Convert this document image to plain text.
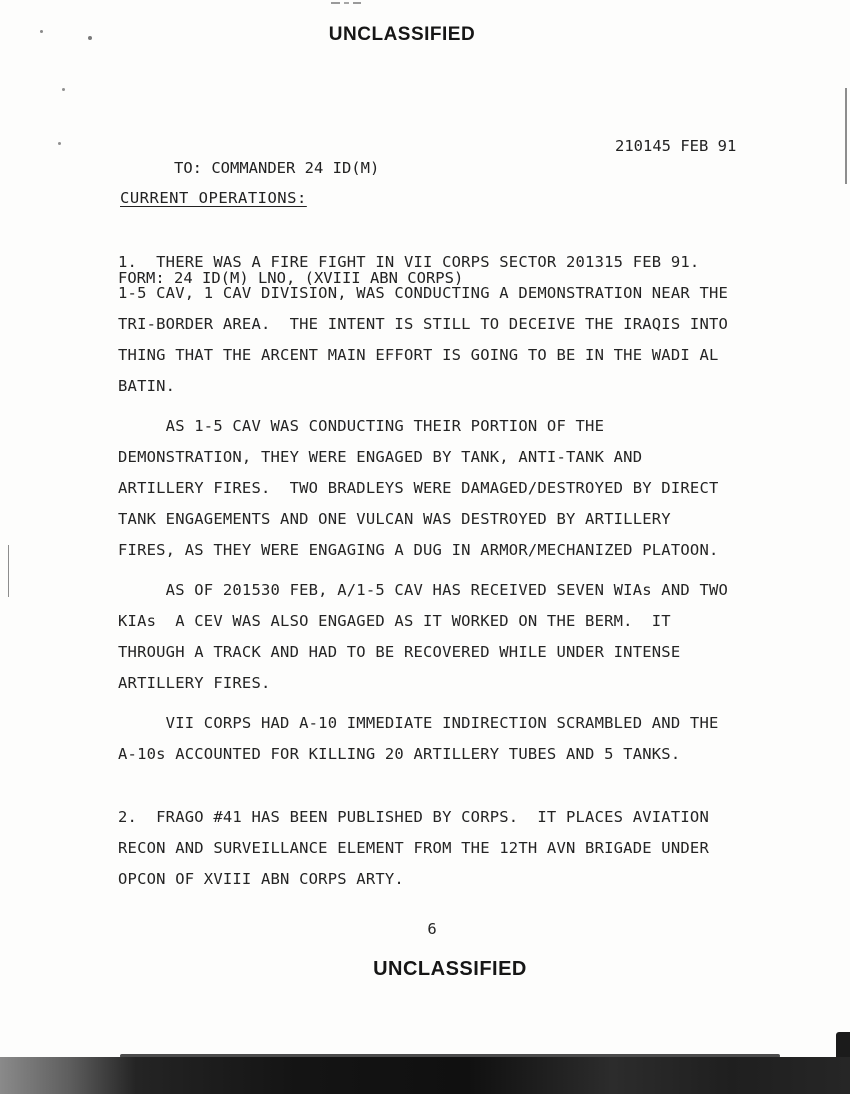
UNCLASSIFIED

TO: COMMANDER 24 ID(M)

210145 FEB 91

FORM: 24 ID(M) LNO, (XVIII ABN CORPS)

CURRENT OPERATIONS:
1.  THERE WAS A FIRE FIGHT IN VII CORPS SECTOR 201315 FEB 91.
1-5 CAV, 1 CAV DIVISION, WAS CONDUCTING A DEMONSTRATION NEAR THE
TRI-BORDER AREA.  THE INTENT IS STILL TO DECEIVE THE IRAQIS INTO
THING THAT THE ARCENT MAIN EFFORT IS GOING TO BE IN THE WADI AL
BATIN.
AS 1-5 CAV WAS CONDUCTING THEIR PORTION OF THE
DEMONSTRATION, THEY WERE ENGAGED BY TANK, ANTI-TANK AND
ARTILLERY FIRES.  TWO BRADLEYS WERE DAMAGED/DESTROYED BY DIRECT
TANK ENGAGEMENTS AND ONE VULCAN WAS DESTROYED BY ARTILLERY
FIRES, AS THEY WERE ENGAGING A DUG IN ARMOR/MECHANIZED PLATOON.
AS OF 201530 FEB, A/1-5 CAV HAS RECEIVED SEVEN WIAs AND TWO
KIAs  A CEV WAS ALSO ENGAGED AS IT WORKED ON THE BERM.  IT
THROUGH A TRACK AND HAD TO BE RECOVERED WHILE UNDER INTENSE
ARTILLERY FIRES.
VII CORPS HAD A-10 IMMEDIATE INDIRECTION SCRAMBLED AND THE
A-10s ACCOUNTED FOR KILLING 20 ARTILLERY TUBES AND 5 TANKS.
2.  FRAGO #41 HAS BEEN PUBLISHED BY CORPS.  IT PLACES AVIATION
RECON AND SURVEILLANCE ELEMENT FROM THE 12TH AVN BRIGADE UNDER
OPCON OF XVIII ABN CORPS ARTY.
6
UNCLASSIFIED
